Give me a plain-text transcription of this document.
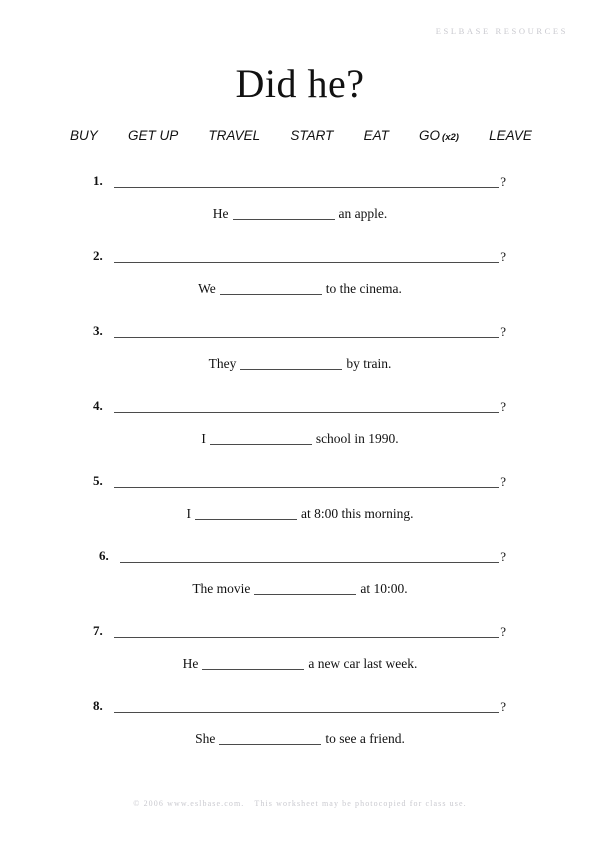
ESLBASE RESOURCES
Did he?
BUY GET UP TRAVEL START EAT GO (x2) LEAVE
1.	?
He	an apple.
2.	?
We	to the cinema.
3.	?
They	by train.
4.	?
I	school in 1990.
5.	?
I	at 8:00 this morning.
6.	?
The movie	at 10:00.
7.	?
He	a new car last week.
8.	?
She	to see a friend.
© 2006 www.eslbase.com. This worksheet may be photocopied for class use.
